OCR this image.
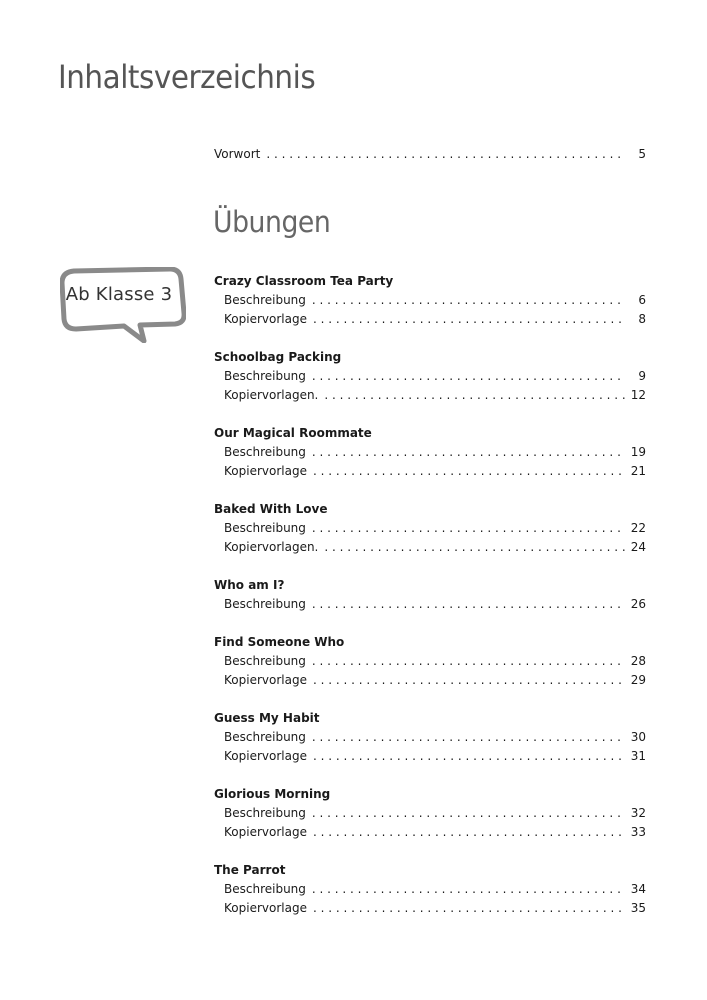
Inhaltsverzeichnis
Vorwort . . .	5
Übungen
Ab Klasse 3
Crazy Classroom Tea Party
Beschreibung . . .	6
Kopiervorlage . . .	8
Schoolbag Packing
Beschreibung . . .	9
Kopiervorlagen. . . .	12
Our Magical Roommate
Beschreibung . . .	19
Kopiervorlage . . .	21
Baked With Love
Beschreibung . . .	22
Kopiervorlagen. . . .	24
Who am I?
Beschreibung . . .	26
Find Someone Who
Beschreibung . . .	28
Kopiervorlage . . .	29
Guess My Habit
Beschreibung . . .	30
Kopiervorlage . . .	31
Glorious Morning
Beschreibung . . .	32
Kopiervorlage . . .	33
The Parrot
Beschreibung . . .	34
Kopiervorlage . . .	35
